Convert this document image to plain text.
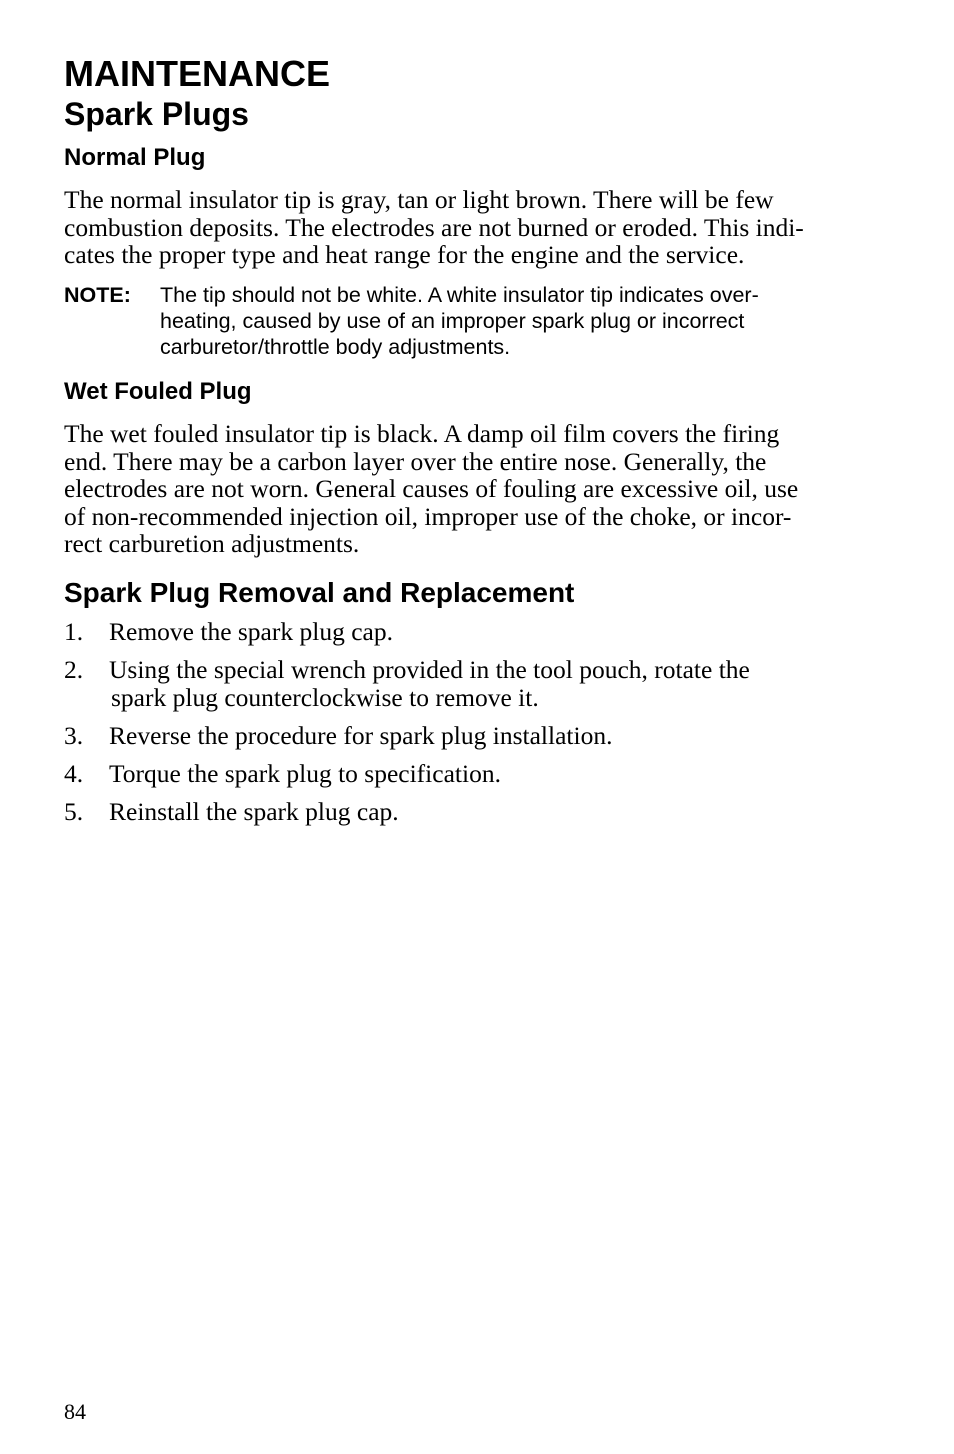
MAINTENANCE
Spark Plugs
Normal Plug

The normal insulator tip is gray, tan or light brown. There will be few
combustion deposits. The electrodes are not burned or eroded. This indi-
cates the proper type and heat range for the engine and the service.

NOTE: The tip should not be white. A white insulator tip indicates over-
heating, caused by use of an improper spark plug or incorrect
carburetor/throttle body adjustments.
Wet Fouled Plug

The wet fouled insulator tip is black. A damp oil film covers the firing
end. There may be a carbon layer over the entire nose. Generally, the
electrodes are not worn. General causes of fouling are excessive oil, use
of non-recommended injection oil, improper use of the choke, or incor-
rect carburetion adjustments.

Spark Plug Removal and Replacement
1. Remove the spark plug cap.
2. Using the special wrench provided in the tool pouch, rotate the
spark plug counterclockwise to remove it.
3. Reverse the procedure for spark plug installation.
4. Torque the spark plug to specification.
5. Reinstall the spark plug cap.
84
